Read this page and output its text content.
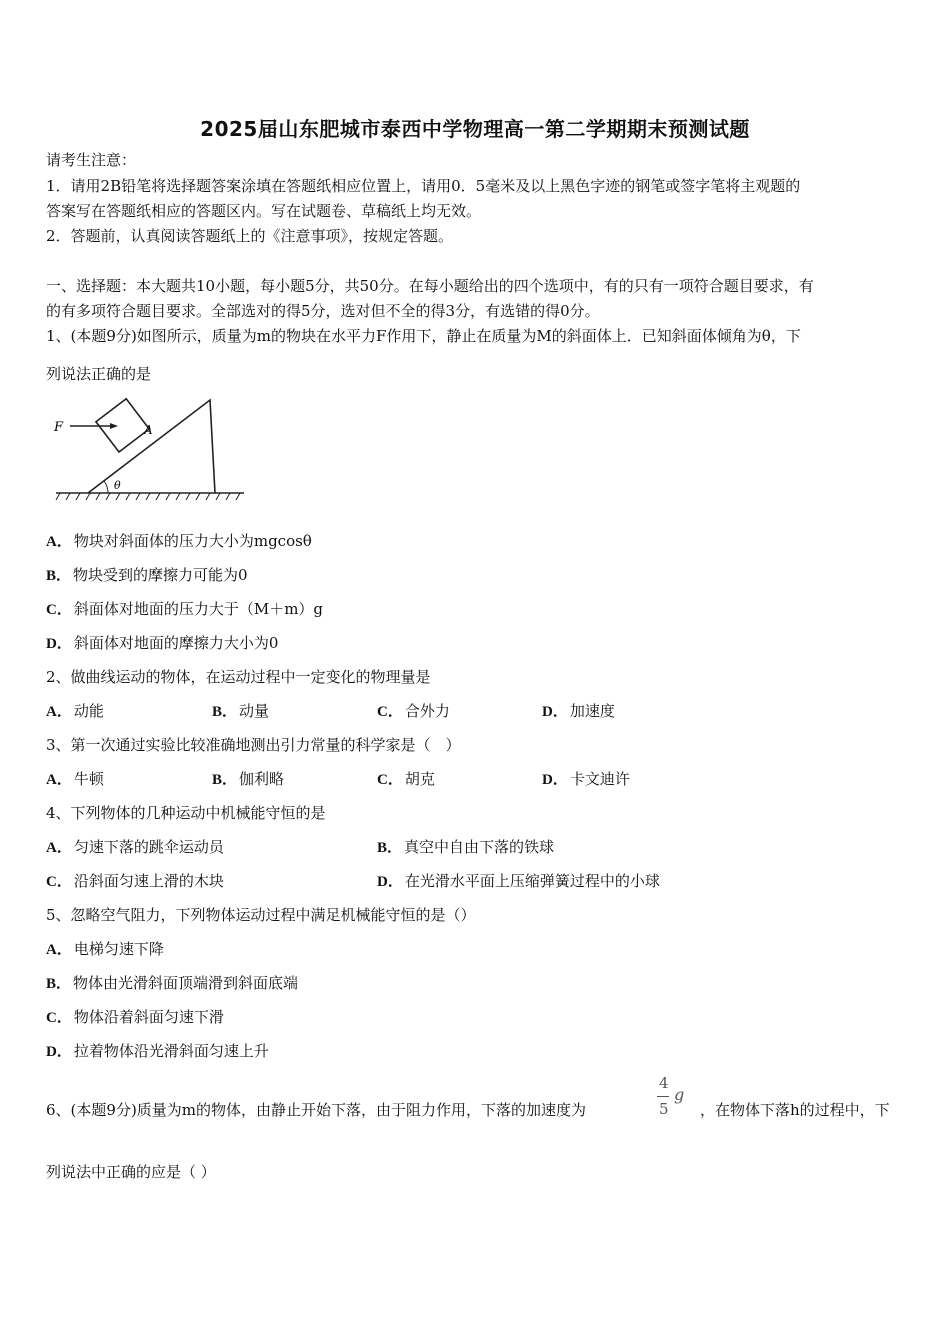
2025届山东肥城市泰西中学物理高一第二学期期末预测试题
请考生注意：
1．请用2B铅笔将选择题答案涂填在答题纸相应位置上，请用0．5毫米及以上黑色字迹的钢笔或签字笔将主观题的
答案写在答题纸相应的答题区内。写在试题卷、草稿纸上均无效。
2．答题前，认真阅读答题纸上的《注意事项》，按规定答题。
一、选择题：本大题共10小题，每小题5分，共50分。在每小题给出的四个选项中，有的只有一项符合题目要求，有
的有多项符合题目要求。全部选对的得5分，选对但不全的得3分，有选错的得0分。
1、(本题9分)如图所示，质量为m的物块在水平力F作用下，静止在质量为M的斜面体上．已知斜面体倾角为θ，下
列说法正确的是
θ
A
F
A． 物块对斜面体的压力大小为mgcosθ
B． 物块受到的摩擦力可能为0
C． 斜面体对地面的压力大于（M＋m）g
D． 斜面体对地面的摩擦力大小为0
2、做曲线运动的物体，在运动过程中一定变化的物理量是
A． 动能	B． 动量	C． 合外力	D． 加速度
3、第一次通过实验比较准确地测出引力常量的科学家是（　）
A． 牛顿	B． 伽利略	C． 胡克	D． 卡文迪许
4、下列物体的几种运动中机械能守恒的是
A． 匀速下落的跳伞运动员	B． 真空中自由下落的铁球
C． 沿斜面匀速上滑的木块	D． 在光滑水平面上压缩弹簧过程中的小球
5、忽略空气阻力，下列物体运动过程中满足机械能守恒的是（）
A． 电梯匀速下降
B． 物体由光滑斜面顶端滑到斜面底端
C． 物体沿着斜面匀速下滑
D． 拉着物体沿光滑斜面匀速上升
6、(本题9分)质量为m的物体，由静止开始下落，由于阻力作用，下落的加速度为
4
5
g
，在物体下落h的过程中，下
列说法中正确的应是（ ）
